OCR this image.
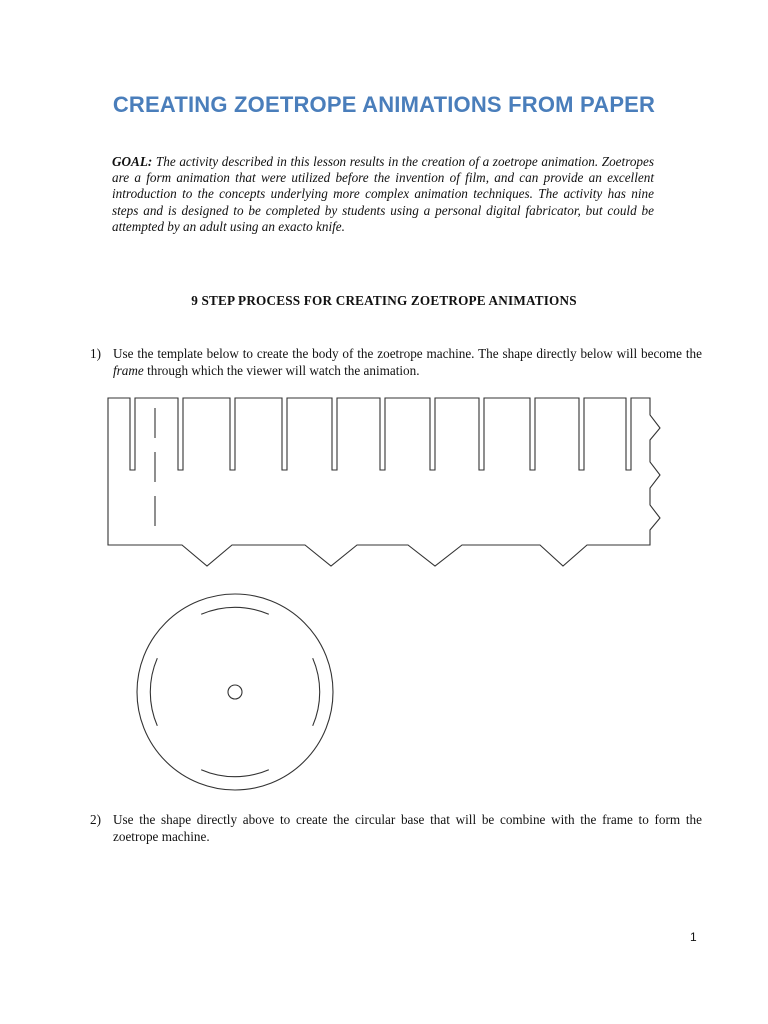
CREATING ZOETROPE ANIMATIONS FROM PAPER
GOAL: The activity described in this lesson results in the creation of a zoetrope animation. Zoetropes are a form animation that were utilized before the invention of film, and can provide an excellent introduction to the concepts underlying more complex animation techniques. The activity has nine steps and is designed to be completed by students using a personal digital fabricator, but could be attempted by an adult using an exacto knife.
9 STEP PROCESS FOR CREATING ZOETROPE ANIMATIONS
1) Use the template below to create the body of the zoetrope machine. The shape directly below will become the frame through which the viewer will watch the animation.
2) Use the shape directly above to create the circular base that will be combine with the frame to form the zoetrope machine.
1
